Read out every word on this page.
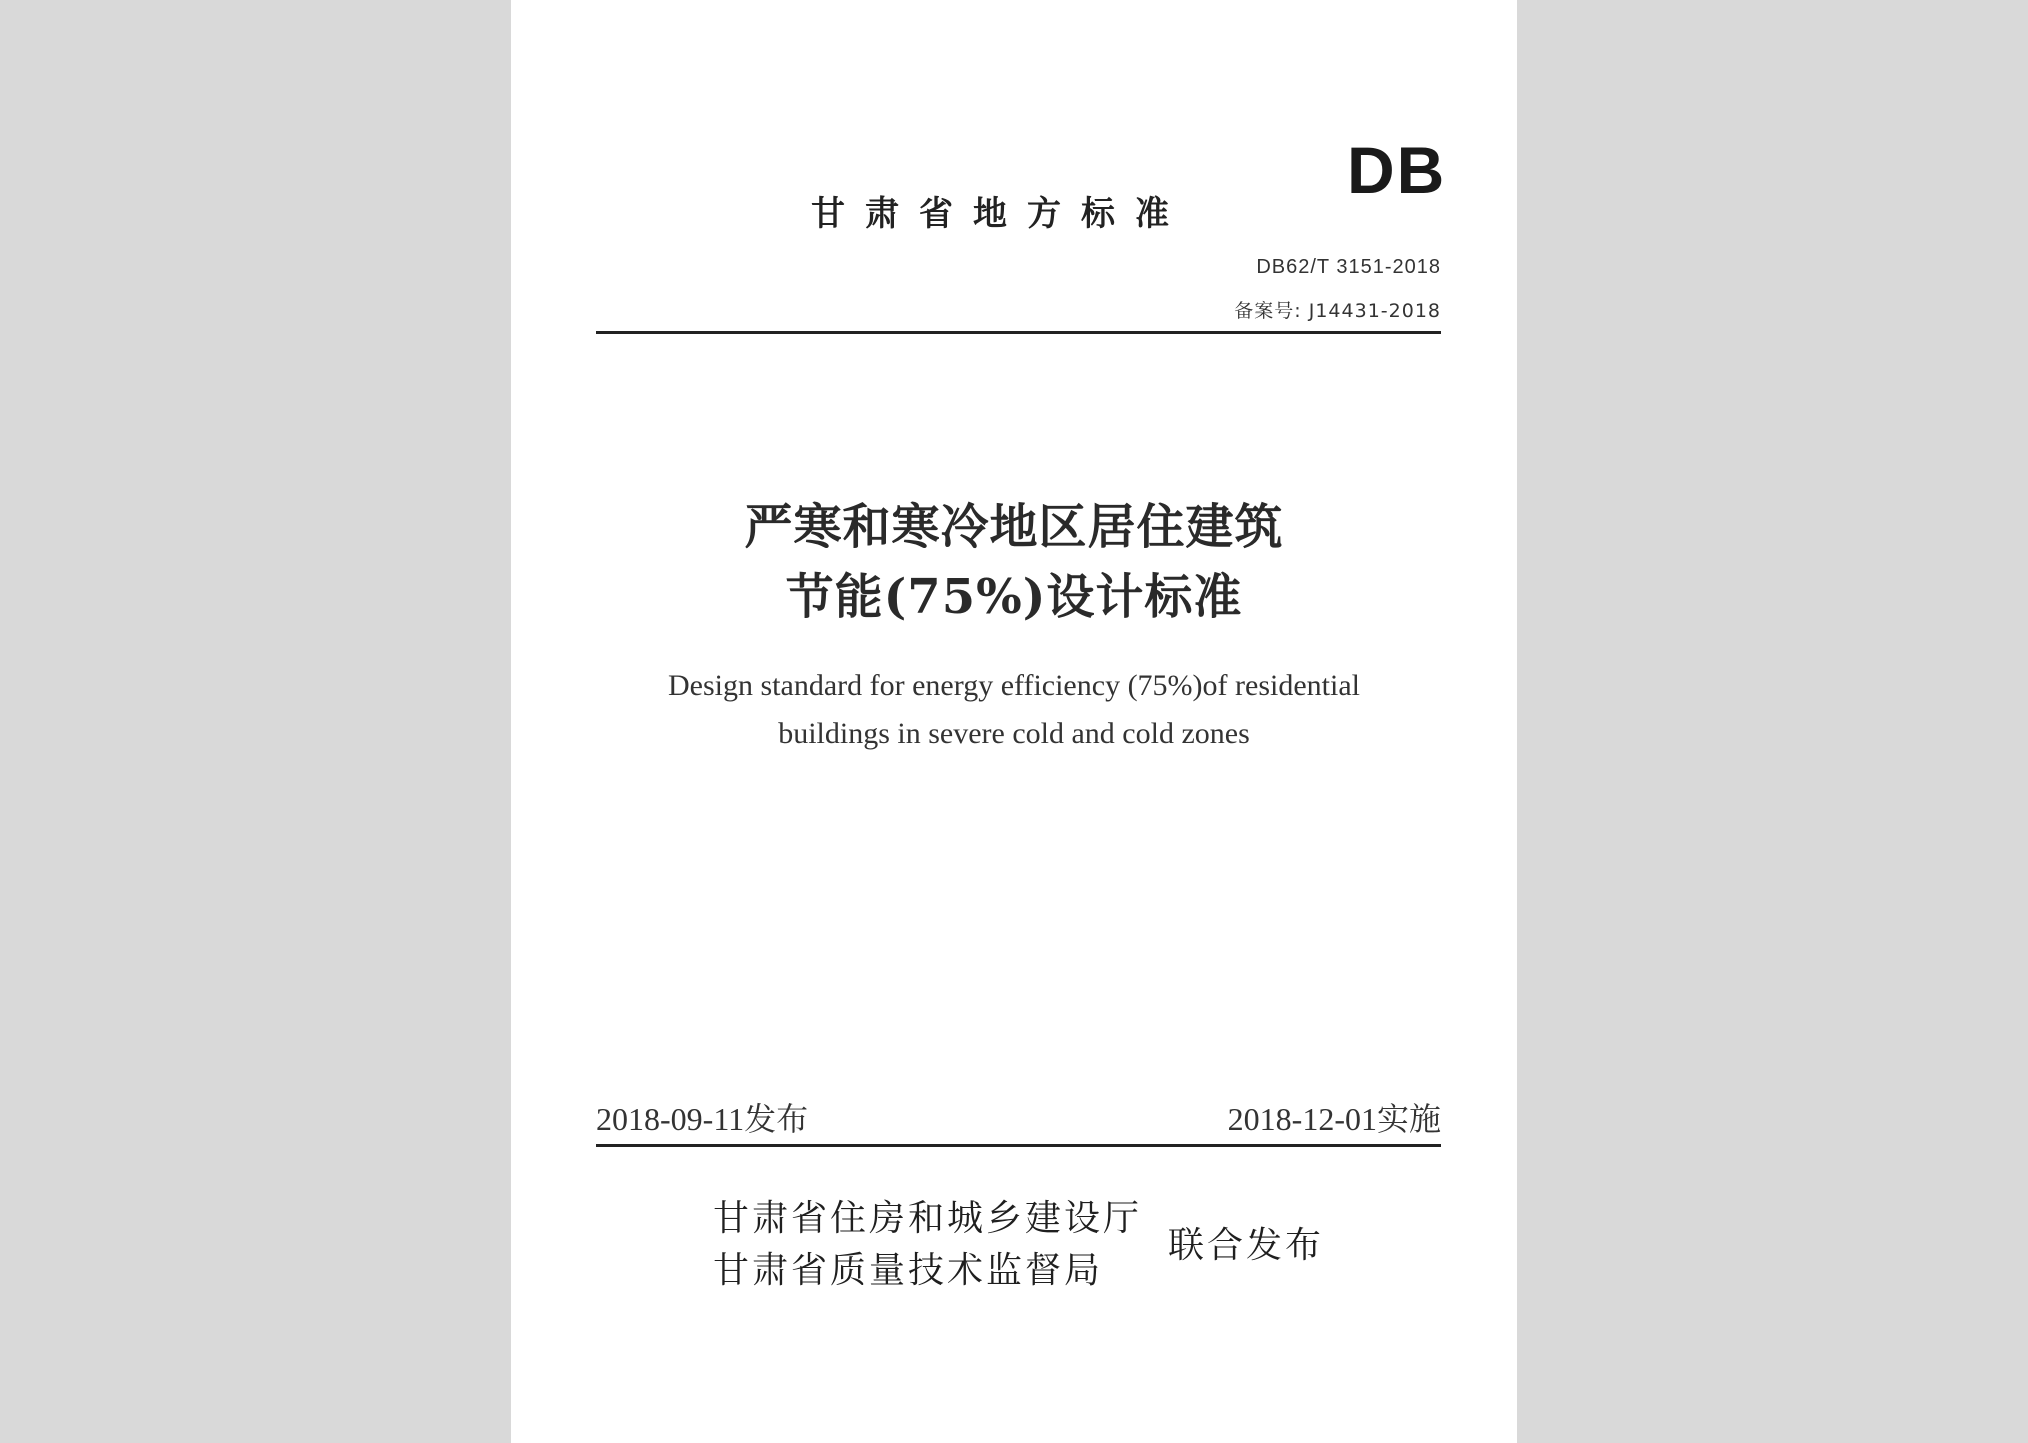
甘肃省地方标准
DB
DB62/T 3151-2018
备案号: J14431-2018
严寒和寒冷地区居住建筑
节能(75%)设计标准
Design standard for energy efficiency (75%)of residential
buildings in severe cold and cold zones
2018-09-11发布	2018-12-01实施
甘肃省住房和城乡建设厅
甘肃省质量技术监督局
联合发布
